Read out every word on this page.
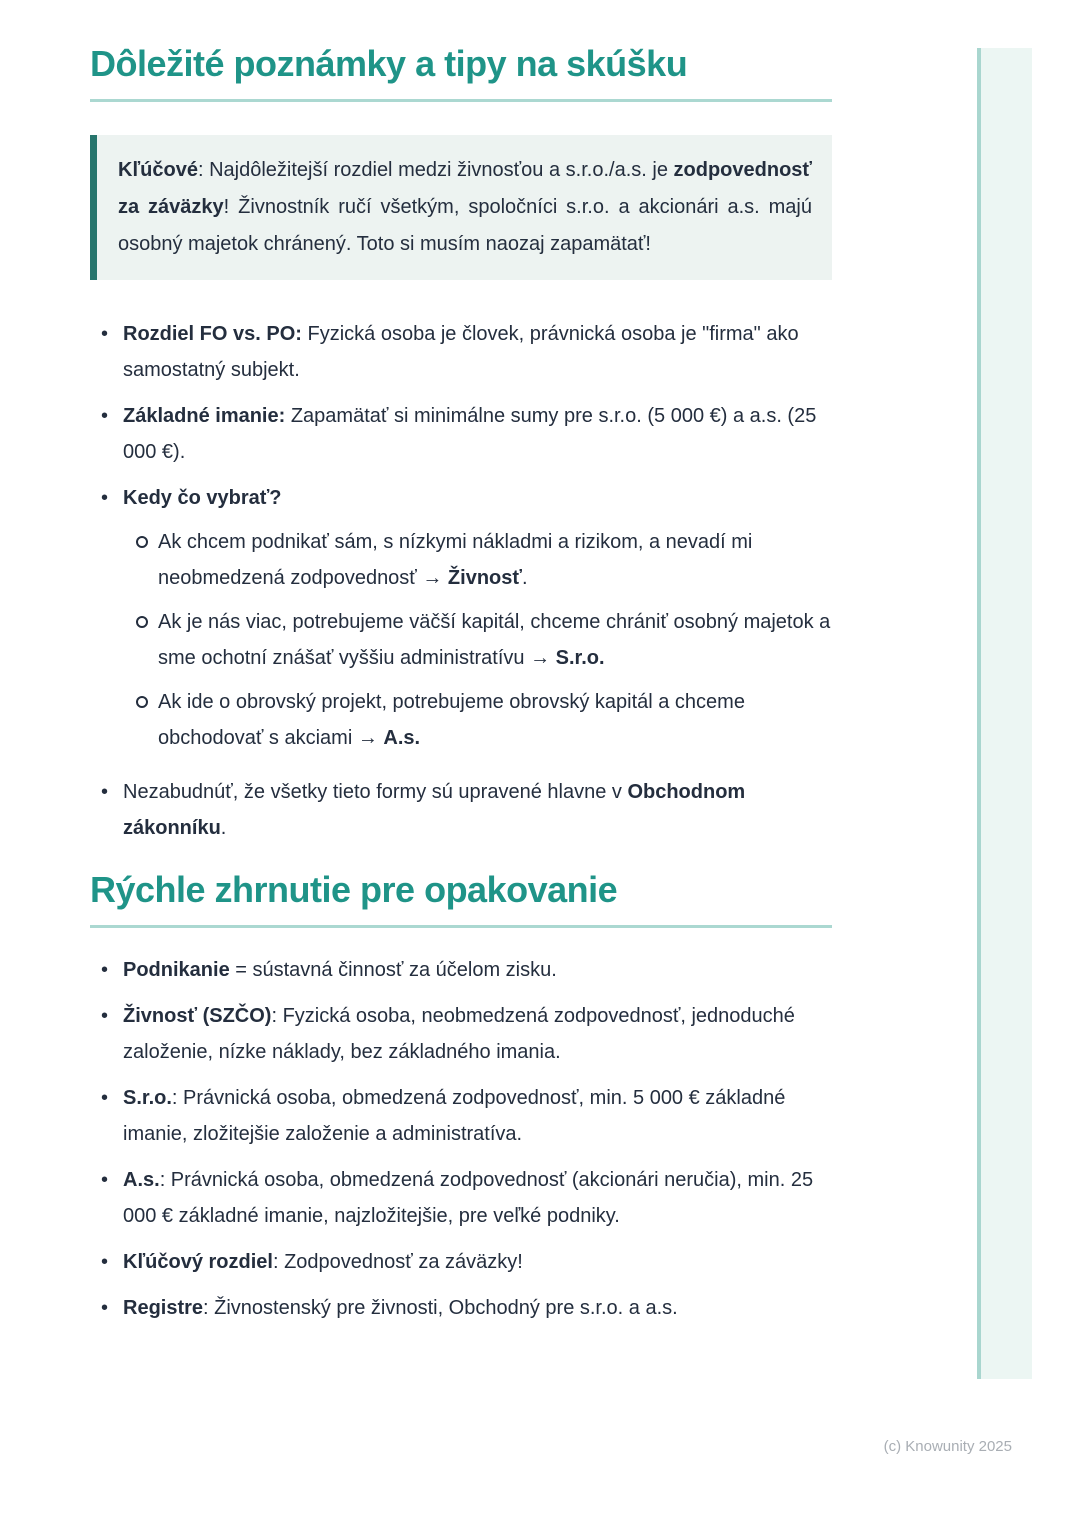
Dôležité poznámky a tipy na skúšku

Kľúčové: Najdôležitejší rozdiel medzi živnosťou a s.r.o./a.s. je zodpovednosť za záväzky! Živnostník ručí všetkým, spoločníci s.r.o. a akcionári a.s. majú osobný majetok chránený. Toto si musím naozaj zapamätať!

• Rozdiel FO vs. PO: Fyzická osoba je človek, právnická osoba je "firma" ako samostatný subjekt.

• Základné imanie: Zapamätať si minimálne sumy pre s.r.o. (5 000 €) a a.s. (25 000 €).

• Kedy čo vybrať?

Ak chcem podnikať sám, s nízkymi nákladmi a rizikom, a nevadí mi neobmedzená zodpovednosť → Živnosť.

Ak je nás viac, potrebujeme väčší kapitál, chceme chrániť osobný majetok a sme ochotní znášať vyššiu administratívu → S.r.o.

Ak ide o obrovský projekt, potrebujeme obrovský kapitál a chceme obchodovať s akciami → A.s.

• Nezabudnúť, že všetky tieto formy sú upravené hlavne v Obchodnom zákonníku.

Rýchle zhrnutie pre opakovanie
• Podnikanie = sústavná činnosť za účelom zisku.

• Živnosť (SZČO): Fyzická osoba, neobmedzená zodpovednosť, jednoduché založenie, nízke náklady, bez základného imania.

• S.r.o.: Právnická osoba, obmedzená zodpovednosť, min. 5 000 € základné imanie, zložitejšie založenie a administratíva.

• A.s.: Právnická osoba, obmedzená zodpovednosť (akcionári neručia), min. 25 000 € základné imanie, najzložitejšie, pre veľké podniky.

• Kľúčový rozdiel: Zodpovednosť za záväzky!

• Registre: Živnostenský pre živnosti, Obchodný pre s.r.o. a a.s.

(c) Knowunity 2025
